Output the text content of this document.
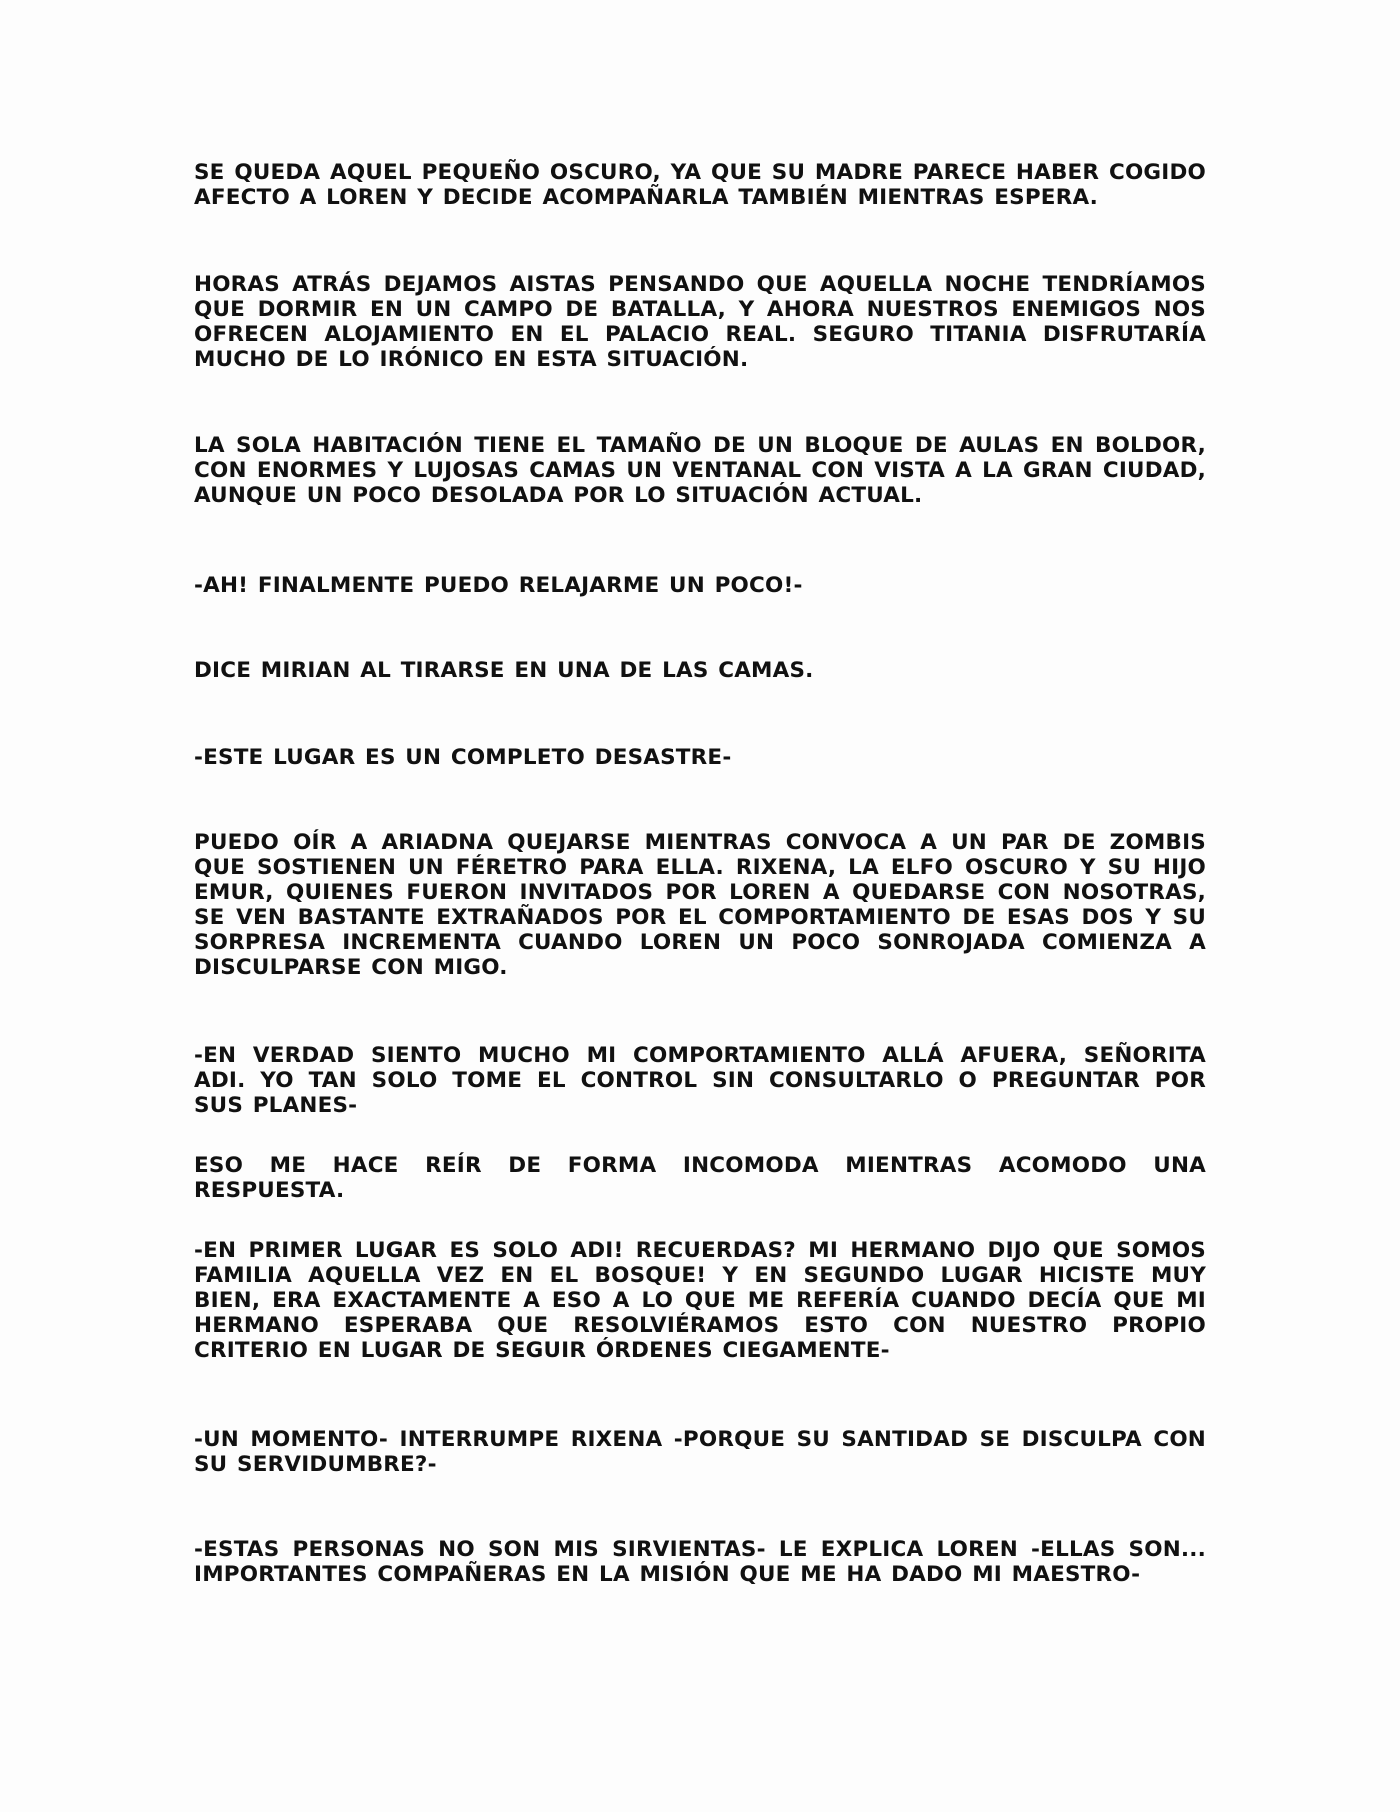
SE QUEDA AQUEL PEQUEÑO OSCURO, YA QUE SU MADRE PARECE HABER COGIDO AFECTO A LOREN Y DECIDE ACOMPAÑARLA TAMBIÉN MIENTRAS ESPERA.

HORAS ATRÁS DEJAMOS AISTAS PENSANDO QUE AQUELLA NOCHE TENDRÍAMOS QUE DORMIR EN UN CAMPO DE BATALLA, Y AHORA NUESTROS ENEMIGOS NOS OFRECEN ALOJAMIENTO EN EL PALACIO REAL. SEGURO TITANIA DISFRUTARÍA MUCHO DE LO IRÓNICO EN ESTA SITUACIÓN.

LA SOLA HABITACIÓN TIENE EL TAMAÑO DE UN BLOQUE DE AULAS EN BOLDOR, CON ENORMES Y LUJOSAS CAMAS UN VENTANAL CON VISTA A LA GRAN CIUDAD, AUNQUE UN POCO DESOLADA POR LO SITUACIÓN ACTUAL.

-AH! FINALMENTE PUEDO RELAJARME UN POCO!-

DICE MIRIAN AL TIRARSE EN UNA DE LAS CAMAS.

-ESTE LUGAR ES UN COMPLETO DESASTRE-

PUEDO OÍR A ARIADNA QUEJARSE MIENTRAS CONVOCA A UN PAR DE ZOMBIS QUE SOSTIENEN UN FÉRETRO PARA ELLA. RIXENA, LA ELFO OSCURO Y SU HIJO EMUR, QUIENES FUERON INVITADOS POR LOREN A QUEDARSE CON NOSOTRAS, SE VEN BASTANTE EXTRAÑADOS POR EL COMPORTAMIENTO DE ESAS DOS Y SU SORPRESA INCREMENTA CUANDO LOREN UN POCO SONROJADA COMIENZA A DISCULPARSE CON MIGO.

-EN VERDAD SIENTO MUCHO MI COMPORTAMIENTO ALLÁ AFUERA, SEÑORITA ADI. YO TAN SOLO TOME EL CONTROL SIN CONSULTARLO O PREGUNTAR POR SUS PLANES-

ESO ME HACE REÍR DE FORMA INCOMODA MIENTRAS ACOMODO UNA RESPUESTA.

-EN PRIMER LUGAR ES SOLO ADI! RECUERDAS? MI HERMANO DIJO QUE SOMOS FAMILIA AQUELLA VEZ EN EL BOSQUE! Y EN SEGUNDO LUGAR HICISTE MUY BIEN, ERA EXACTAMENTE A ESO A LO QUE ME REFERÍA CUANDO DECÍA QUE MI HERMANO ESPERABA QUE RESOLVIÉRAMOS ESTO CON NUESTRO PROPIO CRITERIO EN LUGAR DE SEGUIR ÓRDENES CIEGAMENTE-

-UN MOMENTO- INTERRUMPE RIXENA -PORQUE SU SANTIDAD SE DISCULPA CON SU SERVIDUMBRE?-

-ESTAS PERSONAS NO SON MIS SIRVIENTAS- LE EXPLICA LOREN -ELLAS SON... IMPORTANTES COMPAÑERAS EN LA MISIÓN QUE ME HA DADO MI MAESTRO-
